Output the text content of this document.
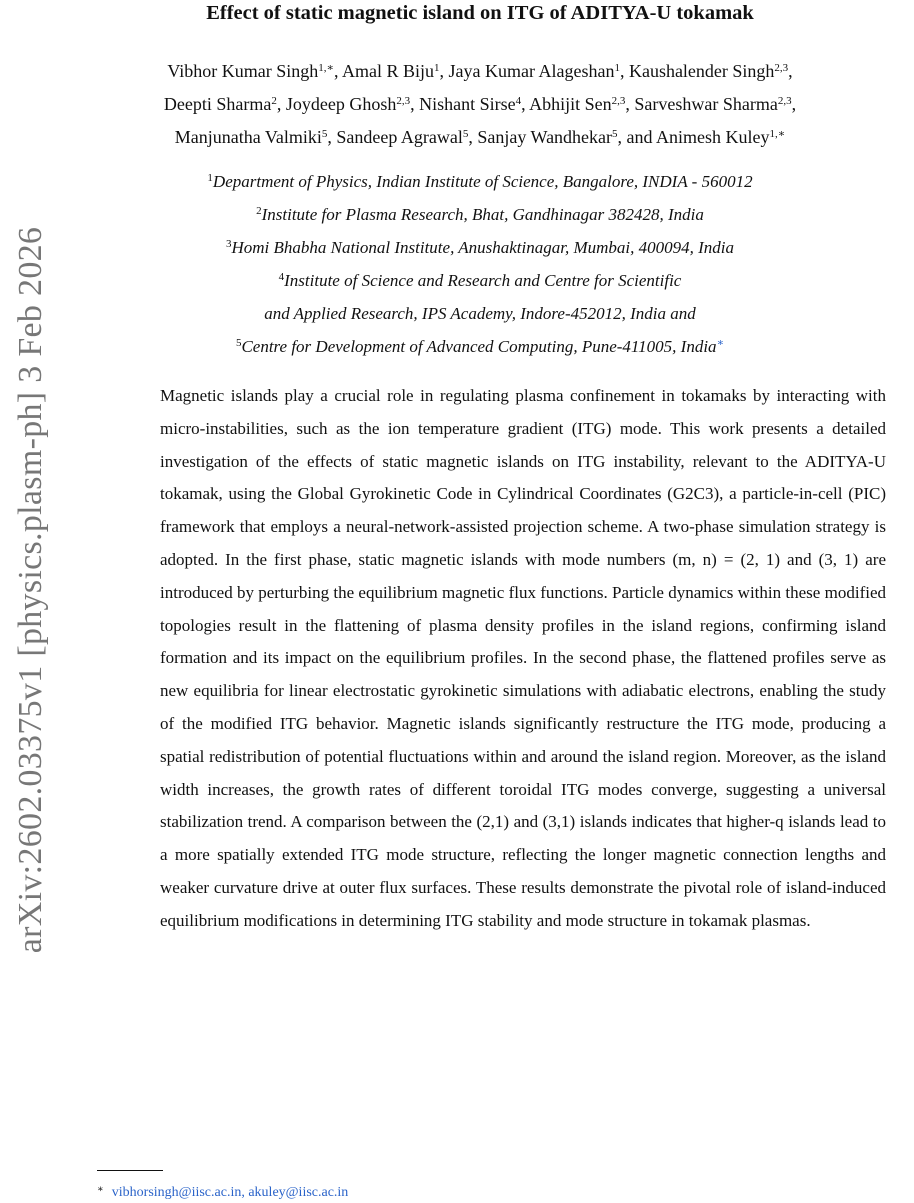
arXiv:2602.03375v1 [physics.plasm-ph] 3 Feb 2026
Effect of static magnetic island on ITG of ADITYA-U tokamak
Vibhor Kumar Singh$^{1,∗}$, Amal R Biju$^1$, Jaya Kumar Alageshan$^1$, Kaushalender Singh$^{2,3}$,
Deepti Sharma$^2$, Joydeep Ghosh$^{2,3}$, Nishant Sirse$^4$, Abhijit Sen$^{2,3}$, Sarveshwar Sharma$^{2,3}$,
Manjunatha Valmiki$^5$, Sandeep Agrawal$^5$, Sanjay Wandhekar$^5$, and Animesh Kuley$^{1,∗}$
$^1$Department of Physics, Indian Institute of Science, Bangalore, INDIA - 560012
$^2$Institute for Plasma Research, Bhat, Gandhinagar 382428, India
$^3$Homi Bhabha National Institute, Anushaktinagar, Mumbai, 400094, India
$^4$Institute of Science and Research and Centre for Scientific
and Applied Research, IPS Academy, Indore-452012, India and
$^5$Centre for Development of Advanced Computing, Pune-411005, India∗

Magnetic islands play a crucial role in regulating plasma confinement in tokamaks by interacting with micro-instabilities, such as the ion temperature gradient (ITG) mode. This work presents a detailed investigation of the effects of static magnetic islands on ITG instability, relevant to the ADITYA-U tokamak, using the Global Gyrokinetic Code in Cylindrical Coordinates (G2C3), a particle-in-cell (PIC) framework that employs a neural-network-assisted projection scheme. A two-phase simulation strategy is adopted. In the first phase, static magnetic islands with mode numbers (m, n) = (2, 1) and (3, 1) are introduced by perturbing the equilibrium magnetic flux functions. Particle dynamics within these modified topologies result in the flattening of plasma density profiles in the island regions, confirming island formation and its impact on the equilibrium profiles. In the second phase, the flattened profiles serve as new equilibria for linear electrostatic gyrokinetic simulations with adiabatic electrons, enabling the study of the modified ITG behavior. Magnetic islands significantly restructure the ITG mode, producing a spatial redistribution of potential fluctuations within and around the island region. Moreover, as the island width increases, the growth rates of different toroidal ITG modes converge, suggesting a universal stabilization trend. A comparison between the (2,1) and (3,1) islands indicates that higher-q islands lead to a more spatially extended ITG mode structure, reflecting the longer magnetic connection lengths and weaker curvature drive at outer flux surfaces. These results demonstrate the pivotal role of island-induced equilibrium modifications in determining ITG stability and mode structure in tokamak plasmas.

∗ vibhorsingh@iisc.ac.in, akuley@iisc.ac.in
